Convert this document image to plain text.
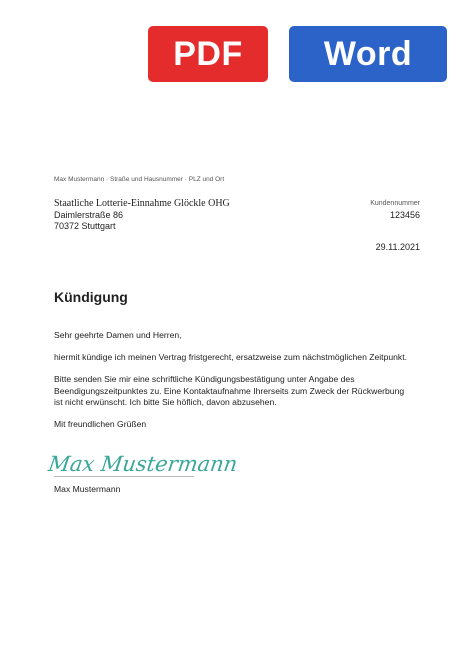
PDF	Word
Max Mustermann · Straße und Hausnummer · PLZ und Ort
Staatliche Lotterie-Einnahme Glöckle OHG
Daimlerstraße 86
70372 Stuttgart
Kundennummer
123456
29.11.2021
Kündigung
Sehr geehrte Damen und Herren,
hiermit kündige ich meinen Vertrag fristgerecht, ersatzweise zum nächstmöglichen Zeitpunkt.
Bitte senden Sie mir eine schriftliche Kündigungsbestätigung unter Angabe des
Beendigungszeitpunktes zu. Eine Kontaktaufnahme Ihrerseits zum Zweck der Rückwerbung
ist nicht erwünscht. Ich bitte Sie höflich, davon abzusehen.
Mit freundlichen Grüßen
Max Mustermann
Max Mustermann
